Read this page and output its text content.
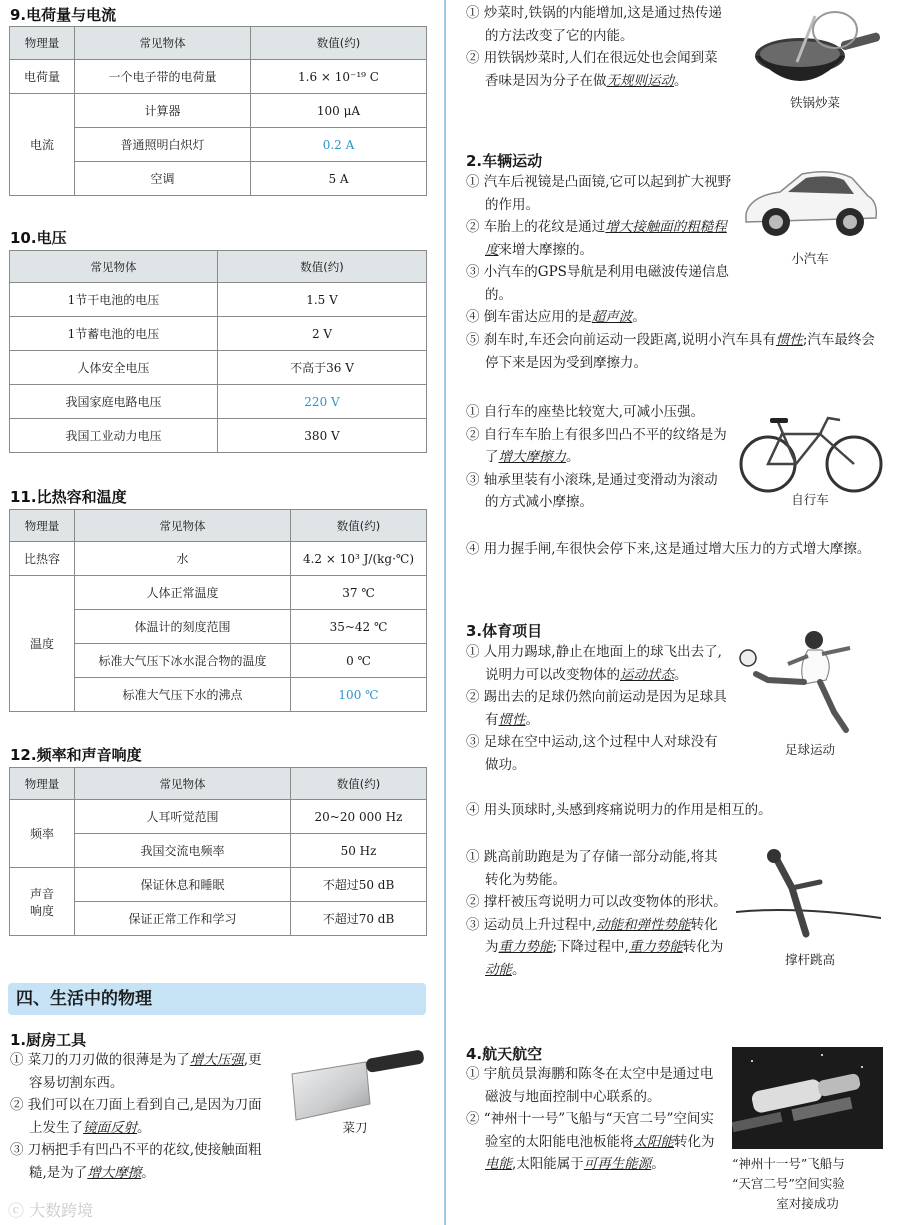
9.电荷量与电流
物理量	常见物体	数值(约)
电荷量	一个电子带的电荷量	1.6 × 10⁻¹⁹ C
电流	计算器	100 μA
	普通照明白炽灯	0.2 A
	空调	5 A
10.电压
常见物体	数值(约)
1节干电池的电压	1.5 V
1节蓄电池的电压	2 V
人体安全电压	不高于36 V
我国家庭电路电压	220 V
我国工业动力电压	380 V
11.比热容和温度
物理量	常见物体	数值(约)
比热容	水	4.2 × 10³ J/(kg·℃)
温度	人体正常温度	37 ℃
	体温计的刻度范围	35~42 ℃
	标准大气压下冰水混合物的温度	0 ℃
	标准大气压下水的沸点	100 ℃
12.频率和声音响度
物理量	常见物体	数值(约)
频率	人耳听觉范围	20~20 000 Hz
	我国交流电频率	50 Hz
声音
响度	保证休息和睡眠	不超过50 dB
	保证正常工作和学习	不超过70 dB
四、生活中的物理
1.厨房工具

① 菜刀的刀刃做的很薄是为了增大压强,更容易切割东西。

② 我们可以在刀面上看到自己,是因为刀面上发生了镜面反射。

③ 刀柄把手有凹凸不平的花纹,使接触面粗糙,是为了增大摩擦。

菜刀

① 炒菜时,铁锅的内能增加,这是通过热传递的方法改变了它的内能。

② 用铁锅炒菜时,人们在很远处也会闻到菜香味是因为分子在做无规则运动。

铁锅炒菜
2.车辆运动

① 汽车后视镜是凸面镜,它可以起到扩大视野的作用。

② 车胎上的花纹是通过增大接触面的粗糙程度来增大摩擦的。

③ 小汽车的GPS导航是利用电磁波传递信息的。

④ 倒车雷达应用的是超声波。

⑤ 刹车时,车还会向前运动一段距离,说明小汽车具有惯性;汽车最终会停下来是因为受到摩擦力。

小汽车

① 自行车的座垫比较宽大,可减小压强。

② 自行车车胎上有很多凹凸不平的纹络是为了增大摩擦力。

③ 轴承里装有小滚珠,是通过变滑动为滚动的方式减小摩擦。

④ 用力握手闸,车很快会停下来,这是通过增大压力的方式增大摩擦。

自行车
3.体育项目

① 人用力踢球,静止在地面上的球飞出去了,说明力可以改变物体的运动状态。

② 踢出去的足球仍然向前运动是因为足球具有惯性。

③ 足球在空中运动,这个过程中人对球没有做功。

④ 用头顶球时,头感到疼痛说明力的作用是相互的。

足球运动

① 跳高前助跑是为了存储一部分动能,将其转化为势能。

② 撑杆被压弯说明力可以改变物体的形状。

③ 运动员上升过程中,动能和弹性势能转化为重力势能;下降过程中,重力势能转化为动能。

撑杆跳高
4.航天航空

① 宇航员景海鹏和陈冬在太空中是通过电磁波与地面控制中心联系的。

② “神州十一号”飞船与“天宫二号”空间实验室的太阳能电池板能将太阳能转化为电能,太阳能属于可再生能源。	“神州十一号”飞船与
“天宫二号”空间实验
室对接成功
ⓒ 大数跨境
